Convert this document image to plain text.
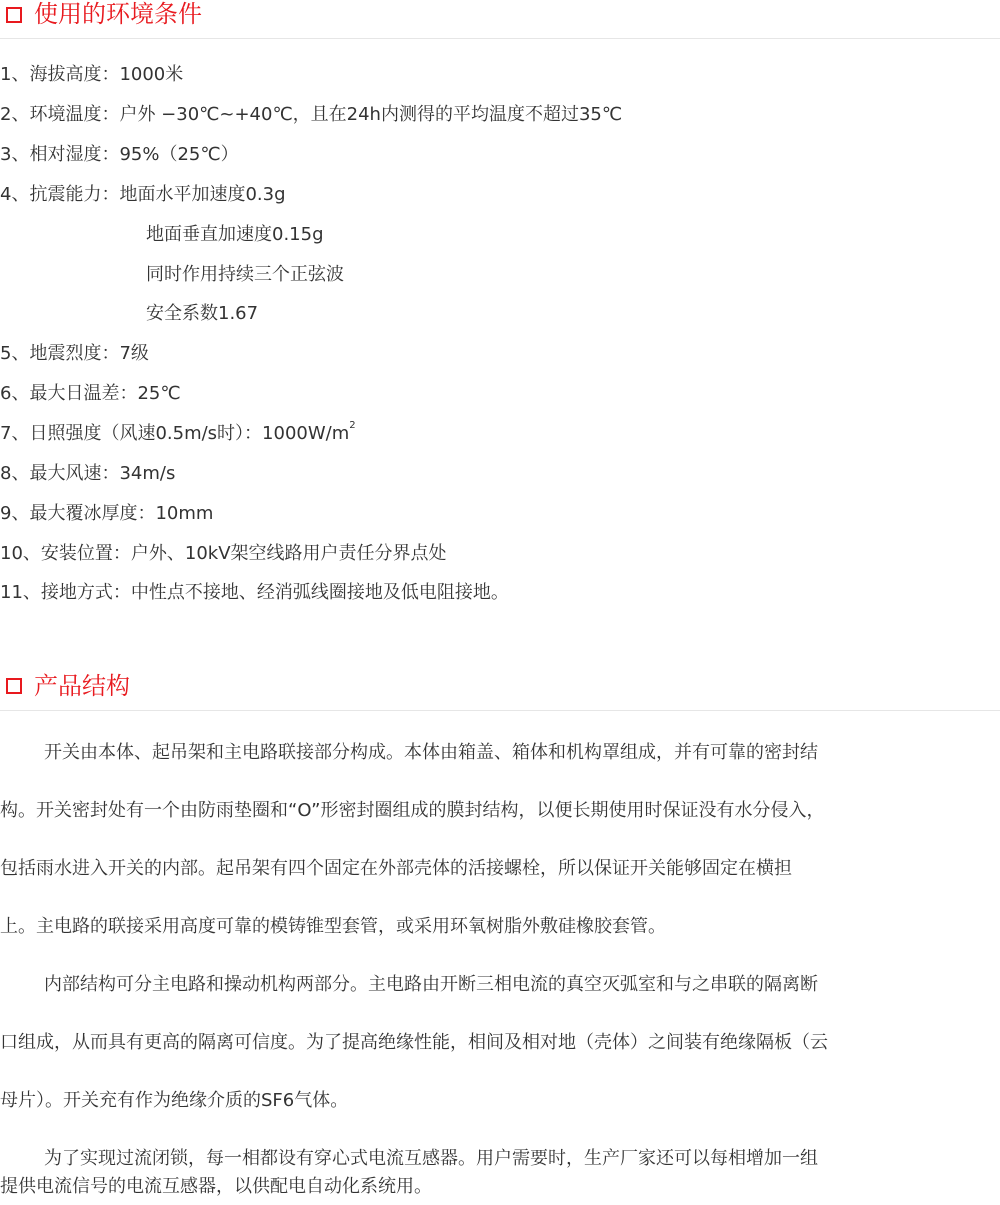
使用的环境条件
1、海拔高度：1000米
2、环境温度：户外 −30℃~+40℃，且在24h内测得的平均温度不超过35℃
3、相对湿度：95%（25℃）
4、抗震能力：地面水平加速度0.3g
地面垂直加速度0.15g
同时作用持续三个正弦波
安全系数1.67
5、地震烈度：7级
6、最大日温差：25℃
7、日照强度（风速0.5m/s时）：$1000W/m^2$
8、最大风速：34m/s
9、最大覆冰厚度：10mm
10、安装位置：户外、10kV架空线路用户责任分界点处
11、接地方式：中性点不接地、经消弧线圈接地及低电阻接地。
产品结构
开关由本体、起吊架和主电路联接部分构成。本体由箱盖、箱体和机构罩组成，并有可靠的密封结
构。开关密封处有一个由防雨垫圈和“O”形密封圈组成的膜封结构，以便长期使用时保证没有水分侵入，
包括雨水进入开关的内部。起吊架有四个固定在外部壳体的活接螺栓，所以保证开关能够固定在横担
上。主电路的联接采用高度可靠的模铸锥型套管，或采用环氧树脂外敷硅橡胶套管。
内部结构可分主电路和操动机构两部分。主电路由开断三相电流的真空灭弧室和与之串联的隔离断
口组成，从而具有更高的隔离可信度。为了提高绝缘性能，相间及相对地（壳体）之间装有绝缘隔板（云
母片）。开关充有作为绝缘介质的SF6气体。
为了实现过流闭锁，每一相都设有穿心式电流互感器。用户需要时，生产厂家还可以每相增加一组
提供电流信号的电流互感器，以供配电自动化系统用。
